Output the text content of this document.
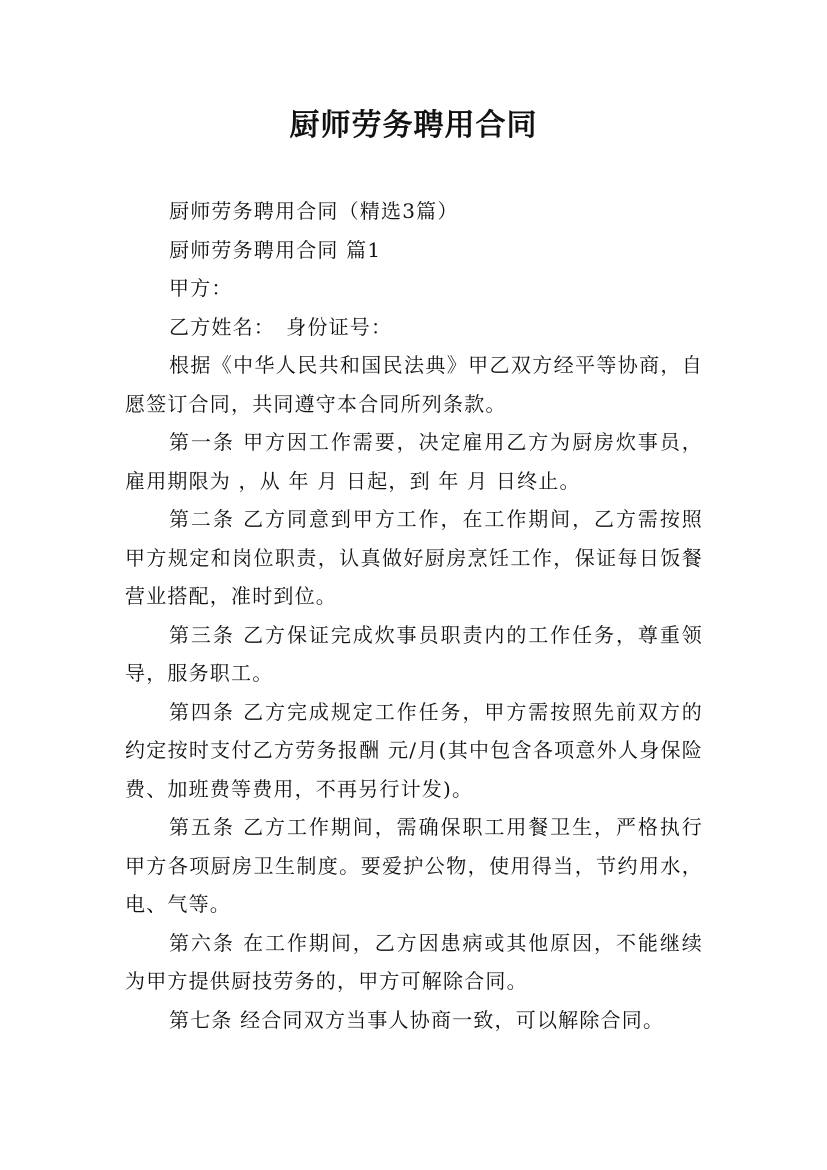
厨师劳务聘用合同

厨师劳务聘用合同（精选3篇）

厨师劳务聘用合同 篇1

甲方：

乙方姓名：　身份证号：

根据《中华人民共和国民法典》甲乙双方经平等协商，自愿签订合同，共同遵守本合同所列条款。

第一条 甲方因工作需要，决定雇用乙方为厨房炊事员，雇用期限为 ，从 年 月 日起，到 年 月 日终止。

第二条 乙方同意到甲方工作，在工作期间，乙方需按照甲方规定和岗位职责，认真做好厨房烹饪工作，保证每日饭餐营业搭配，准时到位。

第三条 乙方保证完成炊事员职责内的工作任务，尊重领导，服务职工。

第四条 乙方完成规定工作任务，甲方需按照先前双方的约定按时支付乙方劳务报酬 元/月(其中包含各项意外人身保险费、加班费等费用，不再另行计发)。

第五条 乙方工作期间，需确保职工用餐卫生，严格执行甲方各项厨房卫生制度。要爱护公物，使用得当，节约用水，电、气等。

第六条 在工作期间，乙方因患病或其他原因，不能继续为甲方提供厨技劳务的，甲方可解除合同。

第七条 经合同双方当事人协商一致，可以解除合同。
